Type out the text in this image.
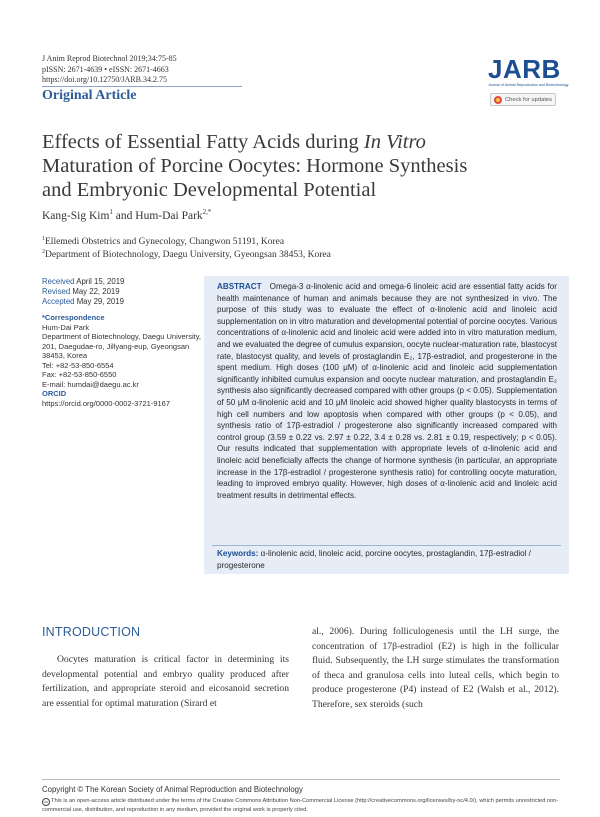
J Anim Reprod Biotechnol 2019;34:75-85
pISSN: 2671-4639 • eISSN: 2671-4663
https://doi.org/10.12750/JARB.34.2.75
Original Article
JARB
Journal of Animal Reproduction and Biotechnology
Check for updates
Effects of Essential Fatty Acids during In Vitro
Maturation of Porcine Oocytes: Hormone Synthesis
and Embryonic Developmental Potential
Kang-Sig Kim$^1$ and Hum-Dai Park$^{2,*}$
$^1$Ellemedi Obstetrics and Gynecology, Changwon 51191, Korea
$^2$Department of Biotechnology, Daegu University, Gyeongsan 38453, Korea
Received April 15, 2019
Revised May 22, 2019
Accepted May 29, 2019
*Correspondence
Hum-Dai Park
Department of Biotechnology, Daegu University, 201, Daegudae-ro, Jillyang-eup, Gyeongsan 38453, Korea
Tel: +82-53-850-6554
Fax: +82-53-850-6550
E-mail: humdai@daegu.ac.kr
ORCID
https://orcid.org/0000-0002-3721-9167
ABSTRACT Omega-3 α-linolenic acid and omega-6 linoleic acid are essential fatty acids for health maintenance of human and animals because they are not synthesized in vivo. The purpose of this study was to evaluate the effect of α-linolenic acid and linoleic acid supplementation on in vitro maturation and developmental potential of porcine oocytes. Various concentrations of α-linolenic acid and linoleic acid were added into in vitro maturation medium, and we evaluated the degree of cumulus expansion, oocyte nuclear-maturation rate, blastocyst rate, blastocyst quality, and levels of prostaglandin E₂, 17β-estradiol, and progesterone in the spent medium. High doses (100 μM) of α-linolenic acid and linoleic acid supplementation significantly inhibited cumulus expansion and oocyte nuclear maturation, and prostaglandin E₂ synthesis also significantly decreased compared with other groups (p < 0.05). Supplementation of 50 μM α-linolenic acid and 10 μM linoleic acid showed higher quality blastocysts in terms of high cell numbers and low apoptosis when compared with other groups (p < 0.05), and synthesis ratio of 17β-estradiol / progesterone also significantly increased compared with control group (3.59 ± 0.22 vs. 2.97 ± 0.22, 3.4 ± 0.28 vs. 2.81 ± 0.19, respectively; p < 0.05). Our results indicated that supplementation with appropriate levels of α-linolenic acid and linoleic acid beneficially affects the change of hormone synthesis (in particular, an appropriate increase in the 17β-estradiol / progesterone synthesis ratio) for controlling oocyte maturation, leading to improved embryo quality. However, high doses of α-linolenic acid and linoleic acid treatment results in detrimental effects.
Keywords: α-linolenic acid, linoleic acid, porcine oocytes, prostaglandin, 17β-estradiol / progesterone
INTRODUCTION
Oocytes maturation is critical factor in determining its developmental potential and embryo quality produced after fertilization, and appropriate steroid and eicosanoid secretion are essential for optimal maturation (Sirard et
al., 2006). During folliculogenesis until the LH surge, the concentration of 17β-estradiol (E2) is high in the follicular fluid. Subsequently, the LH surge stimulates the transformation of theca and granulosa cells into luteal cells, which begin to produce progesterone (P4) instead of E2 (Walsh et al., 2012). Therefore, sex steroids (such
Copyright © The Korean Society of Animal Reproduction and Biotechnology
cc This is an open-access article distributed under the terms of the Creative Commons Attribution Non-Commercial License (http://creativecommons.org/licenses/by-nc/4.0/), which permits unrestricted non-commercial use, distribution, and reproduction in any medium, provided the original work is properly cited.
